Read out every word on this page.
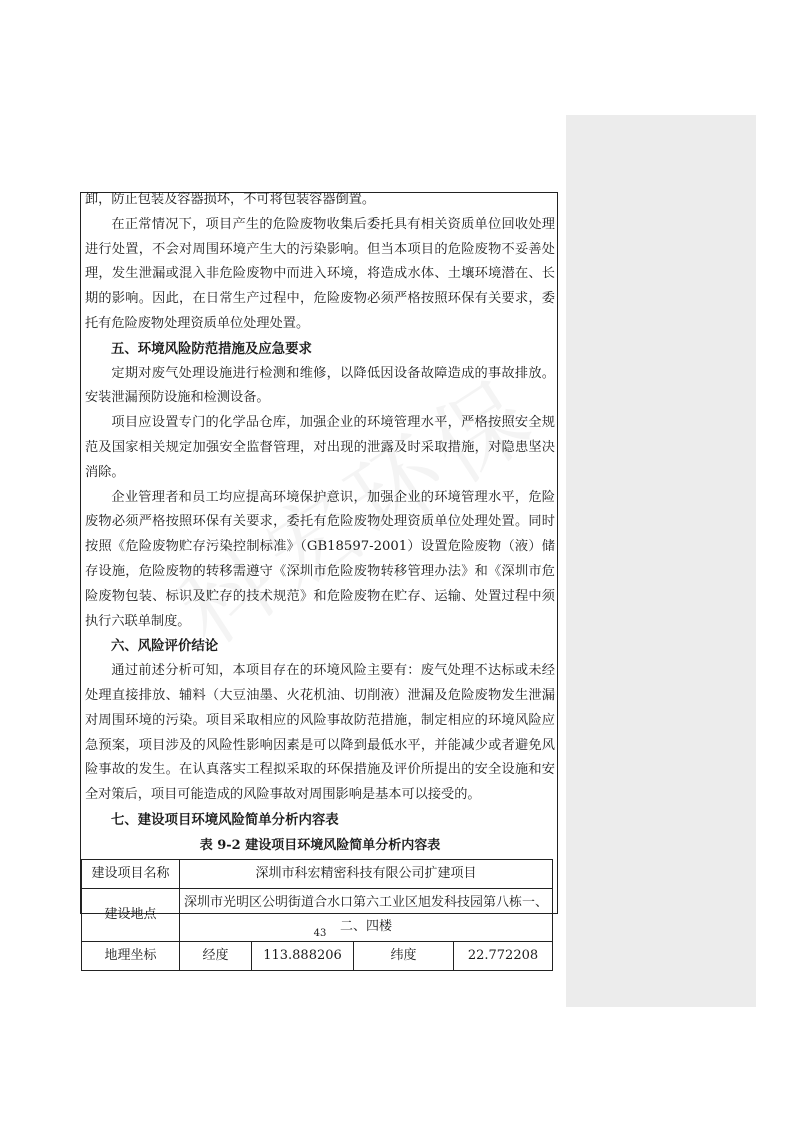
卸，防止包装及容器损坏，不可将包装容器倒置。

在正常情况下，项目产生的危险废物收集后委托具有相关资质单位回收处理进行处置，不会对周围环境产生大的污染影响。但当本项目的危险废物不妥善处理，发生泄漏或混入非危险废物中而进入环境，将造成水体、土壤环境潜在、长期的影响。因此，在日常生产过程中，危险废物必须严格按照环保有关要求，委托有危险废物处理资质单位处理处置。

五、环境风险防范措施及应急要求

定期对废气处理设施进行检测和维修，以降低因设备故障造成的事故排放。安装泄漏预防设施和检测设备。

项目应设置专门的化学品仓库，加强企业的环境管理水平，严格按照安全规范及国家相关规定加强安全监督管理，对出现的泄露及时采取措施，对隐患坚决消除。

企业管理者和员工均应提高环境保护意识，加强企业的环境管理水平，危险废物必须严格按照环保有关要求，委托有危险废物处理资质单位处理处置。同时按照《危险废物贮存污染控制标准》（GB18597-2001）设置危险废物（液）储存设施，危险废物的转移需遵守《深圳市危险废物转移管理办法》和《深圳市危险废物包装、标识及贮存的技术规范》和危险废物在贮存、运输、处置过程中须执行六联单制度。

六、风险评价结论

通过前述分析可知，本项目存在的环境风险主要有：废气处理不达标或未经处理直接排放、辅料（大豆油墨、火花机油、切削液）泄漏及危险废物发生泄漏对周围环境的污染。项目采取相应的风险事故防范措施，制定相应的环境风险应急预案，项目涉及的风险性影响因素是可以降到最低水平，并能减少或者避免风险事故的发生。在认真落实工程拟采取的环保措施及评价所提出的安全设施和安全对策后，项目可能造成的风险事故对周围影响是基本可以接受的。

七、建设项目环境风险简单分析内容表
表 9-2 建设项目环境风险简单分析内容表
建设项目名称	深圳市科宏精密科技有限公司扩建项目			
建设地点	深圳市光明区公明街道合水口第六工业区旭发科技园第八栋一、二、四楼			
地理坐标	经度	113.888206	纬度	22.772208
43
